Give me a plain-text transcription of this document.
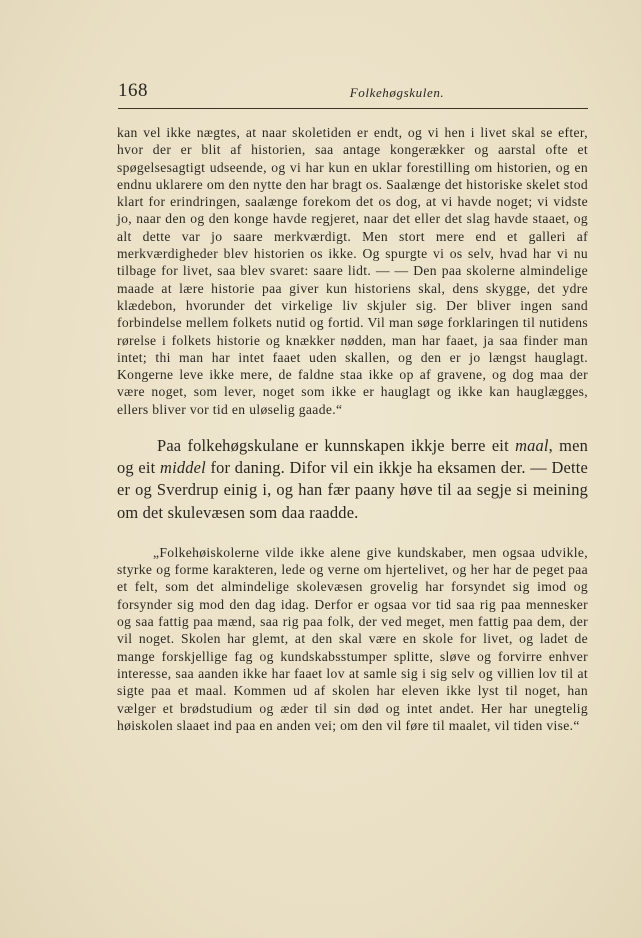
168	Folkehøgskulen.

kan vel ikke nægtes, at naar skoletiden er endt, og vi hen i livet skal se efter, hvor der er blit af historien, saa antage kongerækker og aarstal ofte et spøgelsesagtigt udseende, og vi har kun en uklar forestilling om historien, og en endnu uklarere om den nytte den har bragt os. Saalænge det historiske skelet stod klart for erindringen, saalænge forekom det os dog, at vi havde noget; vi vidste jo, naar den og den konge havde regjeret, naar det eller det slag havde staaet, og alt dette var jo saare merkværdigt. Men stort mere end et galleri af merkværdigheder blev historien os ikke. Og spurgte vi os selv, hvad har vi nu tilbage for livet, saa blev svaret: saare lidt. — — Den paa skolerne almindelige maade at lære historie paa giver kun historiens skal, dens skygge, det ydre klædebon, hvorunder det virkelige liv skjuler sig. Der bliver ingen sand forbindelse mellem folkets nutid og fortid. Vil man søge forklaringen til nutidens rørelse i folkets historie og knækker nødden, man har faaet, ja saa finder man intet; thi man har intet faaet uden skallen, og den er jo længst hauglagt. Kongerne leve ikke mere, de faldne staa ikke op af gravene, og dog maa der være noget, som lever, noget som ikke er hauglagt og ikke kan hauglægges, ellers bliver vor tid en uløselig gaade.“

Paa folkehøgskulane er kunnskapen ikkje berre eit maal, men og eit middel for daning. Difor vil ein ikkje ha eksamen der. — Dette er og Sverdrup einig i, og han fær paany høve til aa segje si meining om det skulevæsen som daa raadde.

„Folkehøiskolerne vilde ikke alene give kundskaber, men ogsaa udvikle, styrke og forme karakteren, lede og verne om hjertelivet, og her har de peget paa et felt, som det almindelige skolevæsen grovelig har forsyndet sig imod og forsynder sig mod den dag idag. Derfor er ogsaa vor tid saa rig paa mennesker og saa fattig paa mænd, saa rig paa folk, der ved meget, men fattig paa dem, der vil noget. Skolen har glemt, at den skal være en skole for livet, og ladet de mange forskjellige fag og kundskabsstumper splitte, sløve og forvirre enhver interesse, saa aanden ikke har faaet lov at samle sig i sig selv og villien lov til at sigte paa et maal. Kommen ud af skolen har eleven ikke lyst til noget, han vælger et brødstudium og æder til sin død og intet andet. Her har unegtelig høiskolen slaaet ind paa en anden vei; om den vil føre til maalet, vil tiden vise.“
